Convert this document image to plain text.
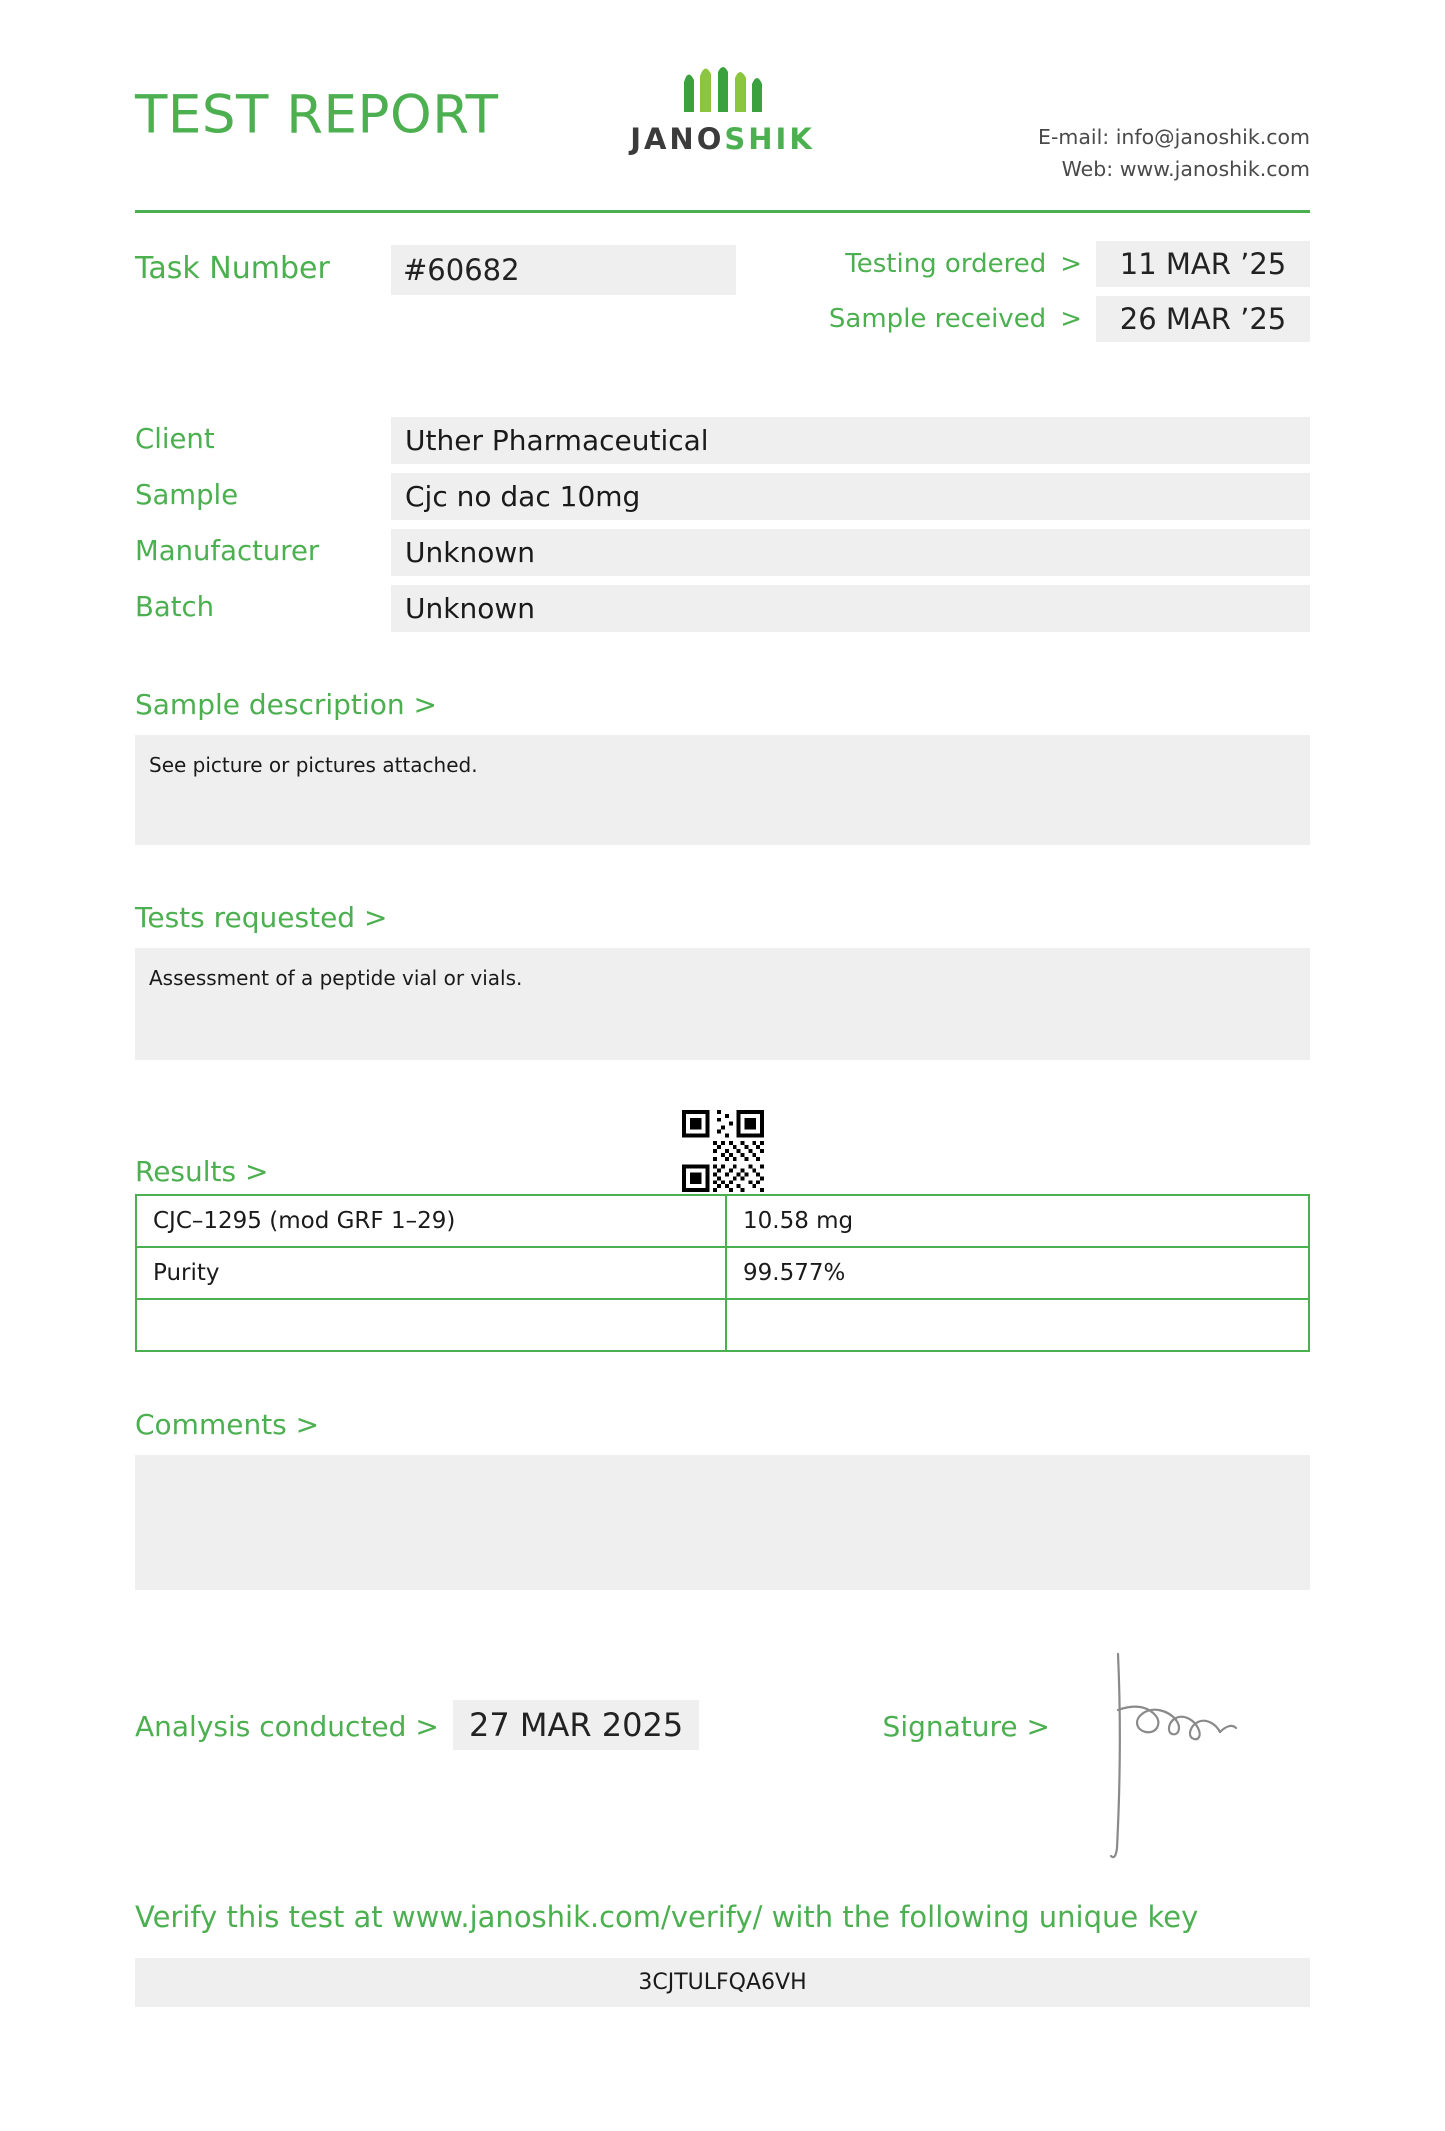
TEST REPORT	JANOSHIK	E-mail: info@janoshik.com
Web: www.janoshik.com
Task Number	#60682	Testing ordered >	11 MAR ’25
Sample received >	26 MAR ’25
Client	Uther Pharmaceutical
Sample	Cjc no dac 10mg
Manufacturer	Unknown
Batch	Unknown
Sample description >
See picture or pictures attached.
Tests requested >
Assessment of a peptide vial or vials.
Results >
CJC–1295 (mod GRF 1–29)	10.58 mg
Purity	99.577%

Comments >
Analysis conducted > 27 MAR 2025	Signature >
Verify this test at www.janoshik.com/verify/ with the following unique key
3CJTULFQA6VH
